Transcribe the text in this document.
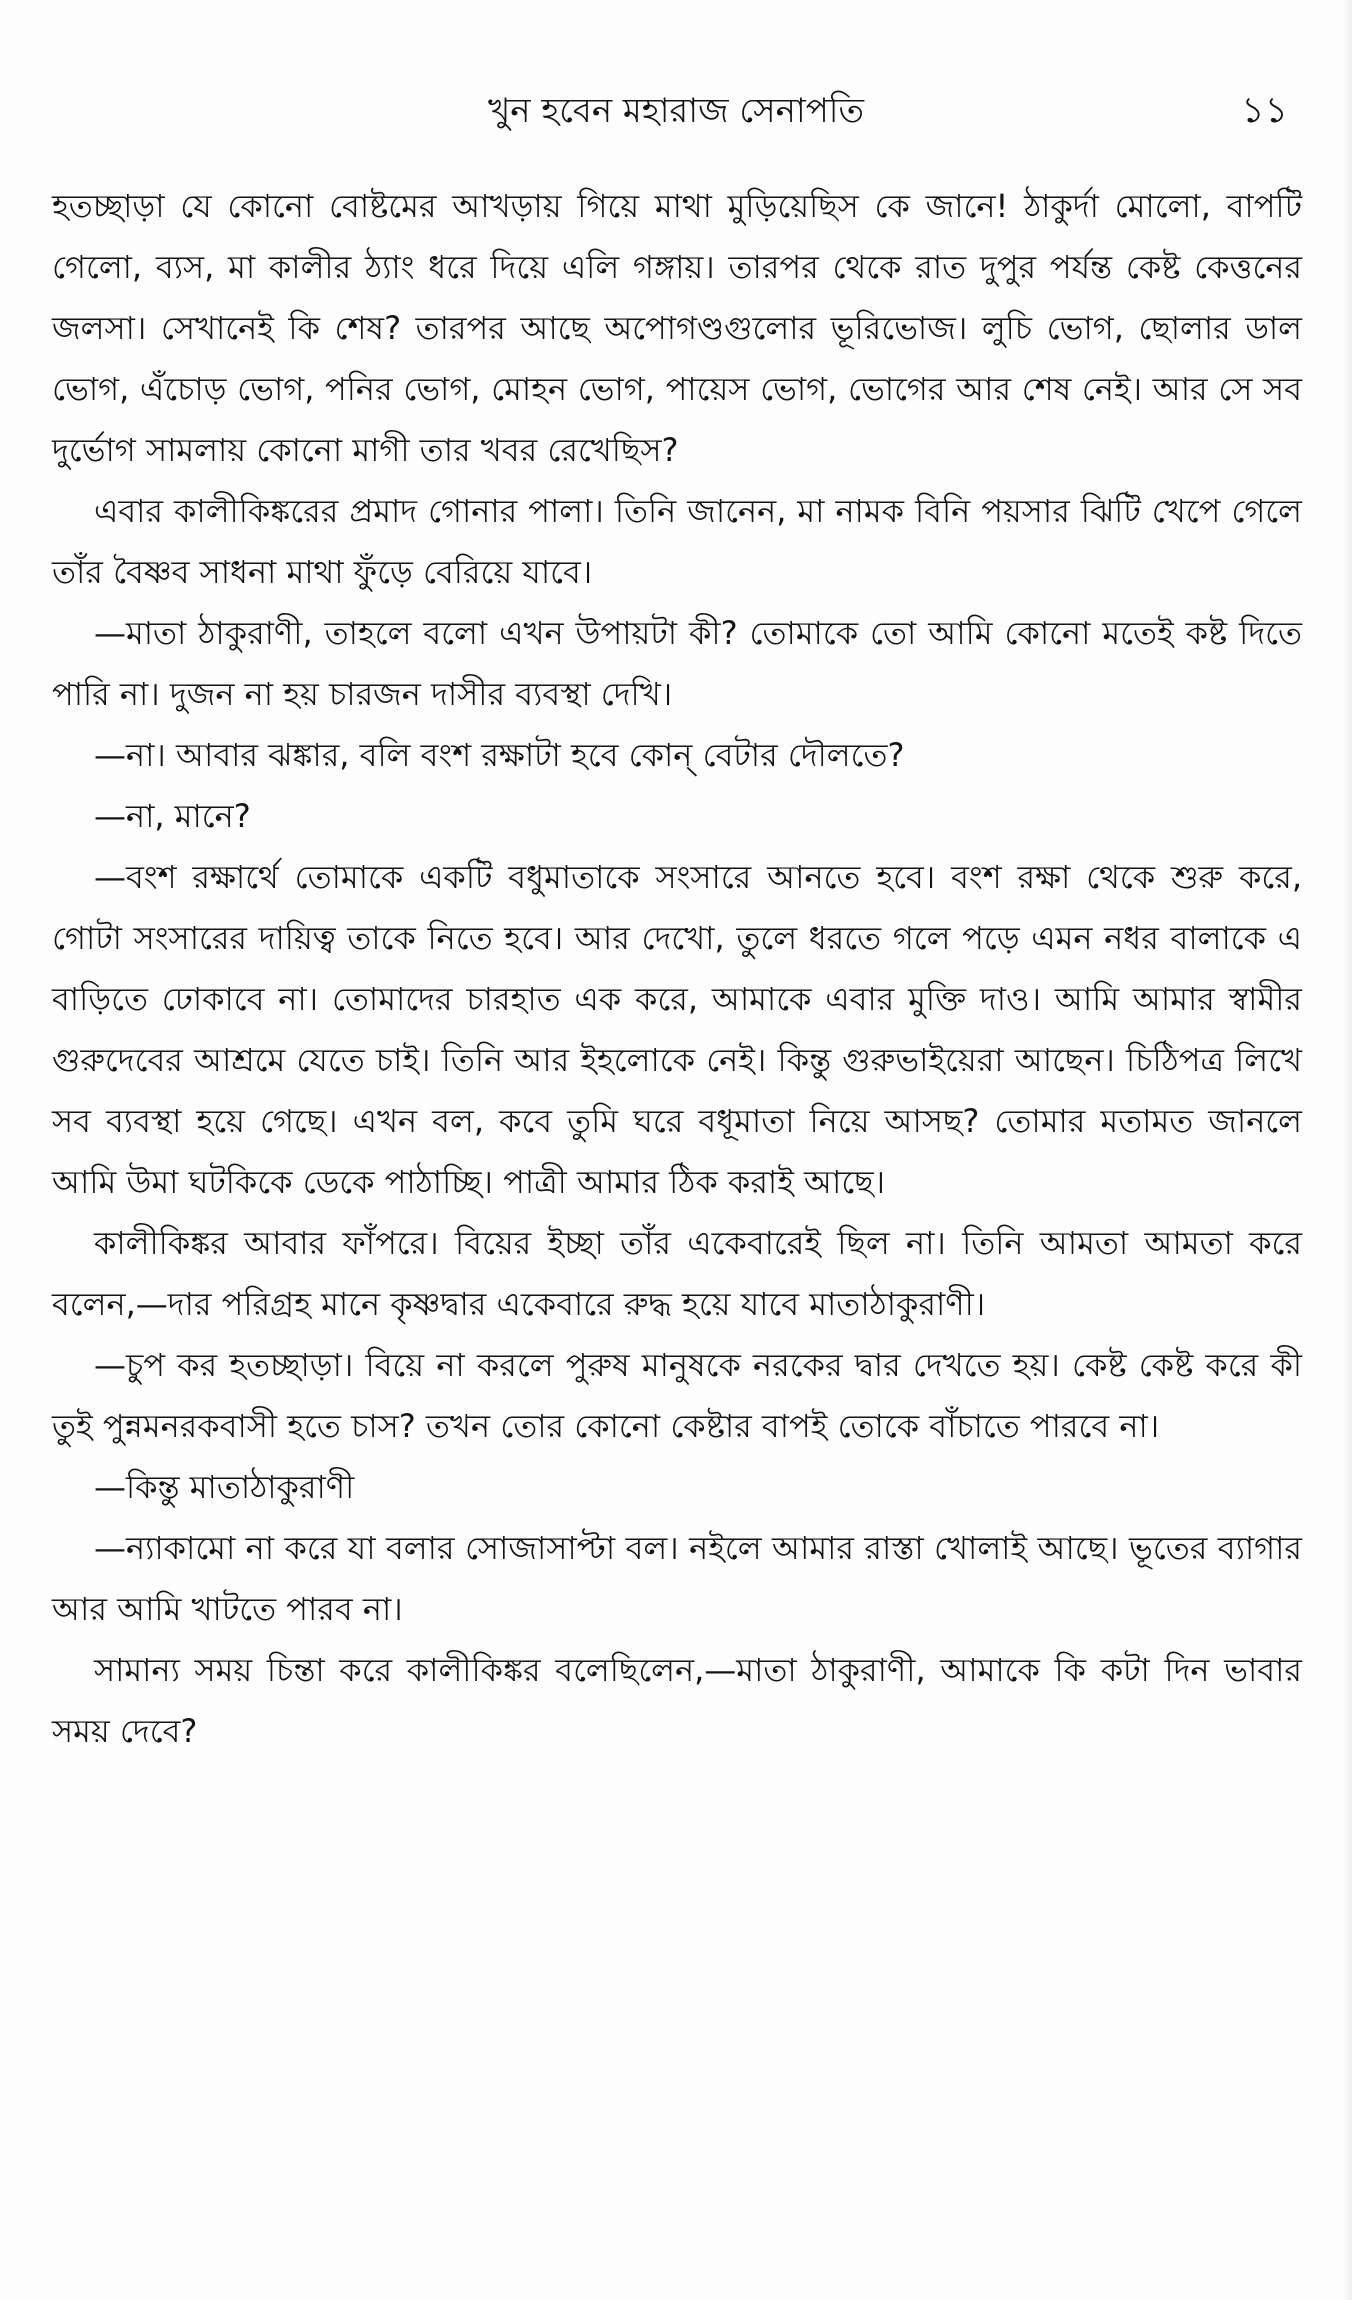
খুন হবেন মহারাজ সেনাপতি	১১

হতচ্ছাড়া যে কোনো বোষ্টমের আখড়ায় গিয়ে মাথা মুড়িয়েছিস কে জানে! ঠাকুর্দা মোলো, বাপটি গেলো, ব্যস, মা কালীর ঠ্যাং ধরে দিয়ে এলি গঙ্গায়। তারপর থেকে রাত দুপুর পর্যন্ত কেষ্ট কেত্তনের জলসা। সেখানেই কি শেষ? তারপর আছে অপোগণ্ডগুলোর ভূরিভোজ। লুচি ভোগ, ছোলার ডাল ভোগ, এঁচোড় ভোগ, পনির ভোগ, মোহন ভোগ, পায়েস ভোগ, ভোগের আর শেষ নেই। আর সে সব দুর্ভোগ সামলায় কোনো মাগী তার খবর রেখেছিস?

এবার কালীকিঙ্করের প্রমাদ গোনার পালা। তিনি জানেন, মা নামক বিনি পয়সার ঝিটি খেপে গেলে তাঁর বৈষ্ণব সাধনা মাথা ফুঁড়ে বেরিয়ে যাবে।

—মাতা ঠাকুরাণী, তাহলে বলো এখন উপায়টা কী? তোমাকে তো আমি কোনো মতেই কষ্ট দিতে পারি না। দুজন না হয় চারজন দাসীর ব্যবস্থা দেখি।

—না। আবার ঝঙ্কার, বলি বংশ রক্ষাটা হবে কোন্ বেটার দৌলতে?

—না, মানে?

—বংশ রক্ষার্থে তোমাকে একটি বধুমাতাকে সংসারে আনতে হবে। বংশ রক্ষা থেকে শুরু করে, গোটা সংসারের দায়িত্ব তাকে নিতে হবে। আর দেখো, তুলে ধরতে গলে পড়ে এমন নধর বালাকে এ বাড়িতে ঢোকাবে না। তোমাদের চারহাত এক করে, আমাকে এবার মুক্তি দাও। আমি আমার স্বামীর গুরুদেবের আশ্রমে যেতে চাই। তিনি আর ইহলোকে নেই। কিন্তু গুরুভাইয়েরা আছেন। চিঠিপত্র লিখে সব ব্যবস্থা হয়ে গেছে। এখন বল, কবে তুমি ঘরে বধূমাতা নিয়ে আসছ? তোমার মতামত জানলে আমি উমা ঘটকিকে ডেকে পাঠাচ্ছি। পাত্রী আমার ঠিক করাই আছে।

কালীকিঙ্কর আবার ফাঁপরে। বিয়ের ইচ্ছা তাঁর একেবারেই ছিল না। তিনি আমতা আমতা করে বলেন,—দার পরিগ্রহ মানে কৃষ্ণদ্বার একেবারে রুদ্ধ হয়ে যাবে মাতাঠাকুরাণী।

—চুপ কর হতচ্ছাড়া। বিয়ে না করলে পুরুষ মানুষকে নরকের দ্বার দেখতে হয়। কেষ্ট কেষ্ট করে কী তুই পুন্নমনরকবাসী হতে চাস? তখন তোর কোনো কেষ্টার বাপই তোকে বাঁচাতে পারবে না।

—কিন্তু মাতাঠাকুরাণী

—ন্যাকামো না করে যা বলার সোজাসাপ্টা বল। নইলে আমার রাস্তা খোলাই আছে। ভূতের ব্যাগার আর আমি খাটতে পারব না।

সামান্য সময় চিন্তা করে কালীকিঙ্কর বলেছিলেন,—মাতা ঠাকুরাণী, আমাকে কি কটা দিন ভাবার সময় দেবে?
